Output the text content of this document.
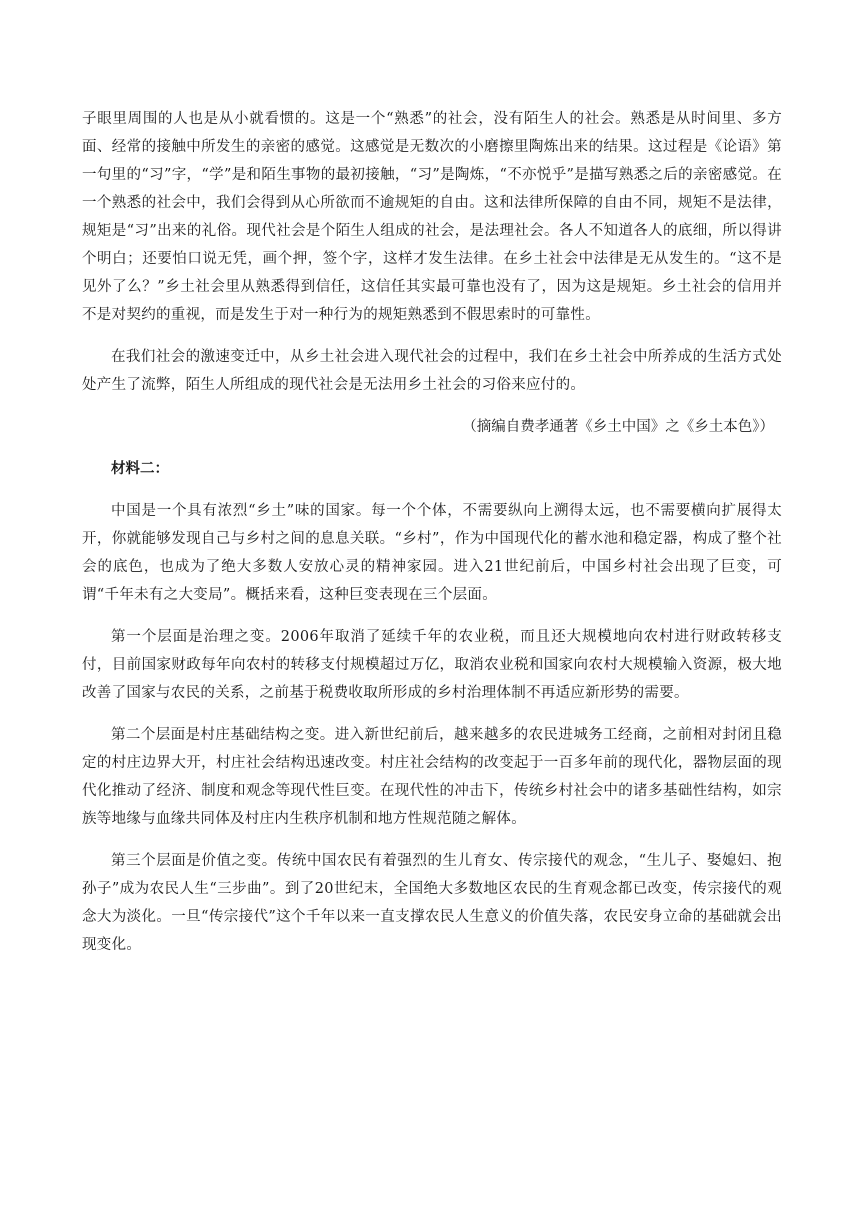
子眼里周围的人也是从小就看惯的。这是一个“熟悉”的社会，没有陌生人的社会。熟悉是从时间里、多方面、经常的接触中所发生的亲密的感觉。这感觉是无数次的小磨擦里陶炼出来的结果。这过程是《论语》第一句里的“习”字，“学”是和陌生事物的最初接触，“习”是陶炼，“不亦悦乎”是描写熟悉之后的亲密感觉。在一个熟悉的社会中，我们会得到从心所欲而不逾规矩的自由。这和法律所保障的自由不同，规矩不是法律，规矩是“习”出来的礼俗。现代社会是个陌生人组成的社会，是法理社会。各人不知道各人的底细，所以得讲个明白；还要怕口说无凭，画个押，签个字，这样才发生法律。在乡土社会中法律是无从发生的。“这不是见外了么？”乡土社会里从熟悉得到信任，这信任其实最可靠也没有了，因为这是规矩。乡土社会的信用并不是对契约的重视，而是发生于对一种行为的规矩熟悉到不假思索时的可靠性。

在我们社会的激速变迁中，从乡土社会进入现代社会的过程中，我们在乡土社会中所养成的生活方式处处产生了流弊，陌生人所组成的现代社会是无法用乡土社会的习俗来应付的。

（摘编自费孝通著《乡土中国》之《乡土本色》）

材料二：

中国是一个具有浓烈“乡土”味的国家。每一个个体，不需要纵向上溯得太远，也不需要横向扩展得太开，你就能够发现自己与乡村之间的息息关联。“乡村”，作为中国现代化的蓄水池和稳定器，构成了整个社会的底色，也成为了绝大多数人安放心灵的精神家园。进入21世纪前后，中国乡村社会出现了巨变，可谓“千年未有之大变局”。概括来看，这种巨变表现在三个层面。

第一个层面是治理之变。2006年取消了延续千年的农业税，而且还大规模地向农村进行财政转移支付，目前国家财政每年向农村的转移支付规模超过万亿，取消农业税和国家向农村大规模输入资源，极大地改善了国家与农民的关系，之前基于税费收取所形成的乡村治理体制不再适应新形势的需要。

第二个层面是村庄基础结构之变。进入新世纪前后，越来越多的农民进城务工经商，之前相对封闭且稳定的村庄边界大开，村庄社会结构迅速改变。村庄社会结构的改变起于一百多年前的现代化，器物层面的现代化推动了经济、制度和观念等现代性巨变。在现代性的冲击下，传统乡村社会中的诸多基础性结构，如宗族等地缘与血缘共同体及村庄内生秩序机制和地方性规范随之解体。

第三个层面是价值之变。传统中国农民有着强烈的生儿育女、传宗接代的观念，“生儿子、娶媳妇、抱孙子”成为农民人生“三步曲”。到了20世纪末，全国绝大多数地区农民的生育观念都已改变，传宗接代的观念大为淡化。一旦“传宗接代”这个千年以来一直支撑农民人生意义的价值失落，农民安身立命的基础就会出现变化。
